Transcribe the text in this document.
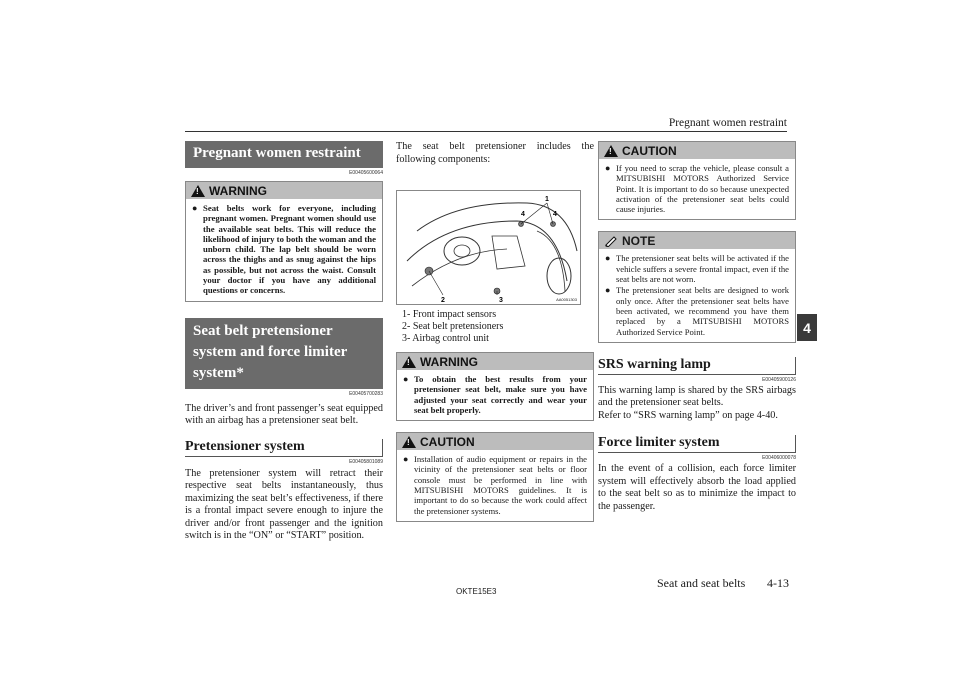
Pregnant women restraint
4
Pregnant women restraint
E00405600064
! WARNING
● Seat belts work for everyone, including pregnant women. Pregnant women should use the available seat belts. This will reduce the likelihood of injury to both the woman and the unborn child. The lap belt should be worn across the thighs and as snug against the hips as possible, but not across the waist. Consult your doctor if you have any additional questions or concerns.
Seat belt pretensioner system and force limiter system*
E00405700283

The driver’s and front passenger’s seat equipped with an airbag has a pretensioner seat belt.

Pretensioner system
E00405801089

The pretensioner system will retract their respective seat belts instantaneously, thus maximizing the seat belt’s effectiveness, if there is a frontal impact severe enough to injure the driver and/or front passenger and the ignition switch is in the “ON” or “START” position.

The seat belt pretensioner includes the following components:

1
4	4
2	3	AA0051303
1- Front impact sensors
2- Seat belt pretensioners
3- Airbag control unit
! WARNING
● To obtain the best results from your pretensioner seat belt, make sure you have adjusted your seat correctly and wear your seat belt properly.
! CAUTION
● Installation of audio equipment or repairs in the vicinity of the pretensioner seat belts or floor console must be performed in line with MITSUBISHI MOTORS guidelines. It is important to do so because the work could affect the pretensioner systems.
! CAUTION
● If you need to scrap the vehicle, please consult a MITSUBISHI MOTORS Authorized Service Point. It is important to do so because unexpected activation of the pretensioner seat belts could cause injuries.
NOTE
● The pretensioner seat belts will be activated if the vehicle suffers a severe frontal impact, even if the seat belts are not worn.
● The pretensioner seat belts are designed to work only once. After the pretensioner seat belts have been activated, we recommend you have them replaced by a MITSUBISHI MOTORS Authorized Service Point.
SRS warning lamp
E00405900126

This warning lamp is shared by the SRS airbags and the pretensioner seat belts.

Refer to “SRS warning lamp” on page 4-40.

Force limiter system
E00406000078

In the event of a collision, each force limiter system will effectively absorb the load applied to the seat belt so as to minimize the impact to the passenger.

OKTE15E3
Seat and seat belts 4-13
